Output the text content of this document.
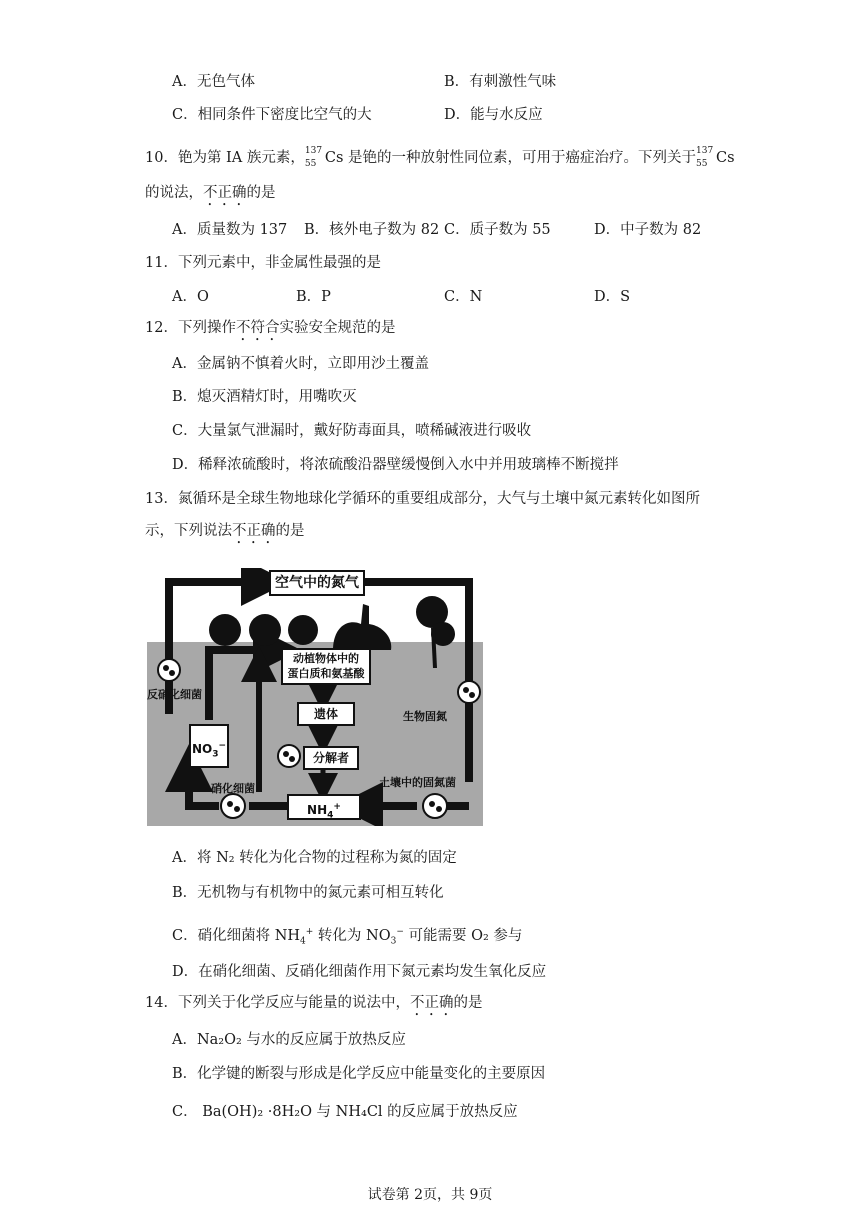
A．无色气体	B．有刺激性气味
C．相同条件下密度比空气的大	D．能与水反应
10．铯为第 IA 族元素， 137
55 Cs 是铯的一种放射性同位素，可用于癌症治疗。下列关于 137
55 Cs
的说法，不正确的是
A．质量数为 137 B．核外电子数为 82 C．质子数为 55	D．中子数为 82
11．下列元素中，非金属性最强的是
A．O	B．P	C．N	D．S
12．下列操作不符合实验安全规范的是
A．金属钠不慎着火时，立即用沙土覆盖
B．熄灭酒精灯时，用嘴吹灭
C．大量氯气泄漏时，戴好防毒面具，喷稀碱液进行吸收
D．稀释浓硫酸时，将浓硫酸沿器壁缓慢倒入水中并用玻璃棒不断搅拌
13．氮循环是全球生物地球化学循环的重要组成部分，大气与土壤中氮元素转化如图所
示，下列说法不正确的是
空气中的氮气
动植物体中的
蛋白质和氨基酸
遗体
分解者
$NH_4^+$
$NO_3^-$
反硝化细菌
硝化细菌
生物固氮
土壤中的固氮菌
A．将 N₂ 转化为化合物的过程称为氮的固定
B．无机物与有机物中的氮元素可相互转化
C．硝化细菌将 $NH_4^+$ 转化为 $NO_3^-$ 可能需要 O₂ 参与
D．在硝化细菌、反硝化细菌作用下氮元素均发生氧化反应
14．下列关于化学反应与能量的说法中，不正确的是
A．Na₂O₂ 与水的反应属于放热反应
B．化学键的断裂与形成是化学反应中能量变化的主要原因
C． Ba(OH)₂ ·8H₂O 与 NH₄Cl 的反应属于放热反应
试卷第 2页，共 9页
